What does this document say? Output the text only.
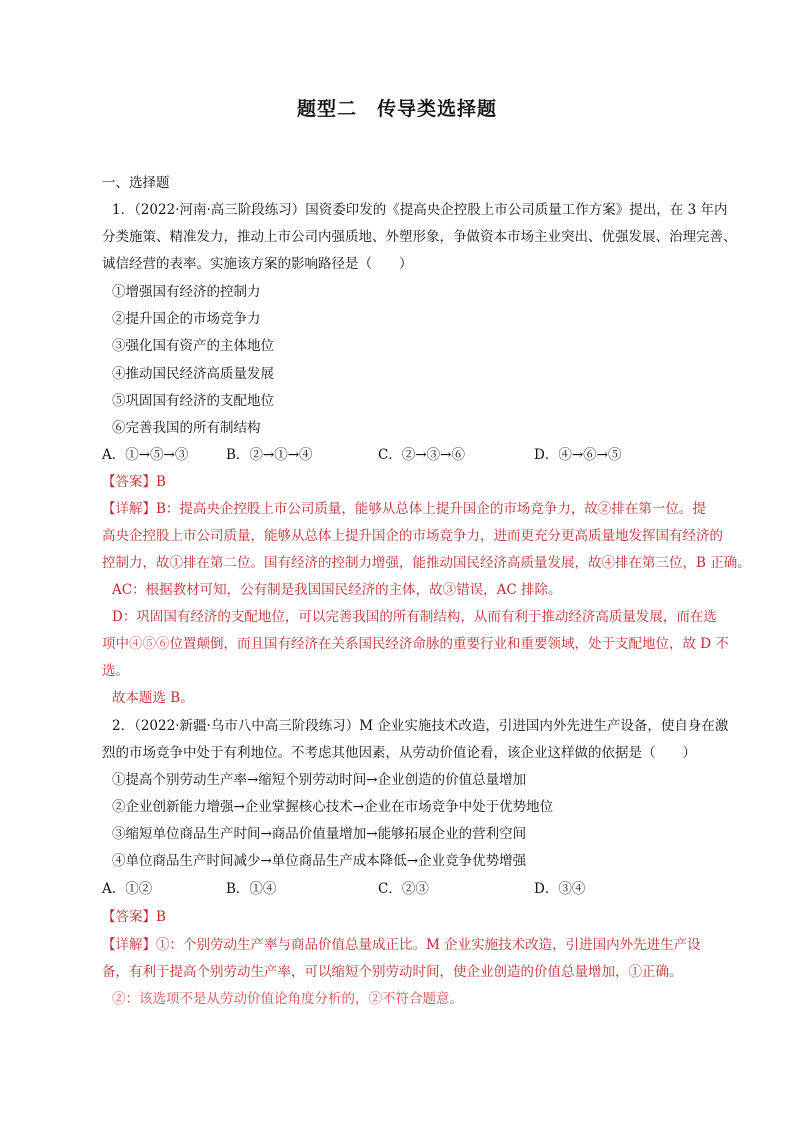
题型二　传导类选择题
一、选择题
1．（2022·河南·高三阶段练习）国资委印发的《提高央企控股上市公司质量工作方案》提出，在 3 年内
分类施策、精准发力，推动上市公司内强质地、外塑形象，争做资本市场主业突出、优强发展、治理完善、
诚信经营的表率。实施该方案的影响路径是（　　）
①增强国有经济的控制力
②提升国企的市场竞争力
③强化国有资产的主体地位
④推动国民经济高质量发展
⑤巩固国有经济的支配地位
⑥完善我国的所有制结构
A．①→⑤→③	B．②→①→④	C．②→③→⑥	D．④→⑥→⑤
【答案】B
【详解】B：提高央企控股上市公司质量，能够从总体上提升国企的市场竞争力，故②排在第一位。提
高央企控股上市公司质量，能够从总体上提升国企的市场竞争力，进而更充分更高质量地发挥国有经济的
控制力，故①排在第二位。国有经济的控制力增强，能推动国民经济高质量发展，故④排在第三位，B 正确。
AC：根据教材可知，公有制是我国国民经济的主体，故③错误，AC 排除。
D：巩固国有经济的支配地位，可以完善我国的所有制结构，从而有利于推动经济高质量发展，而在选
项中④⑤⑥位置颠倒，而且国有经济在关系国民经济命脉的重要行业和重要领域，处于支配地位，故 D 不
选。
故本题选 B。
2．（2022·新疆·乌市八中高三阶段练习）M 企业实施技术改造，引进国内外先进生产设备，使自身在激
烈的市场竞争中处于有利地位。不考虑其他因素，从劳动价值论看，该企业这样做的依据是（　　）
①提高个别劳动生产率→缩短个别劳动时间→企业创造的价值总量增加
②企业创新能力增强→企业掌握核心技术→企业在市场竞争中处于优势地位
③缩短单位商品生产时间→商品价值量增加→能够拓展企业的营利空间
④单位商品生产时间减少→单位商品生产成本降低→企业竞争优势增强
A．①②	B．①④	C．②③	D．③④
【答案】B
【详解】①：个别劳动生产率与商品价值总量成正比。M 企业实施技术改造，引进国内外先进生产设
备，有利于提高个别劳动生产率，可以缩短个别劳动时间，使企业创造的价值总量增加，①正确。
②：该选项不是从劳动价值论角度分析的，②不符合题意。
